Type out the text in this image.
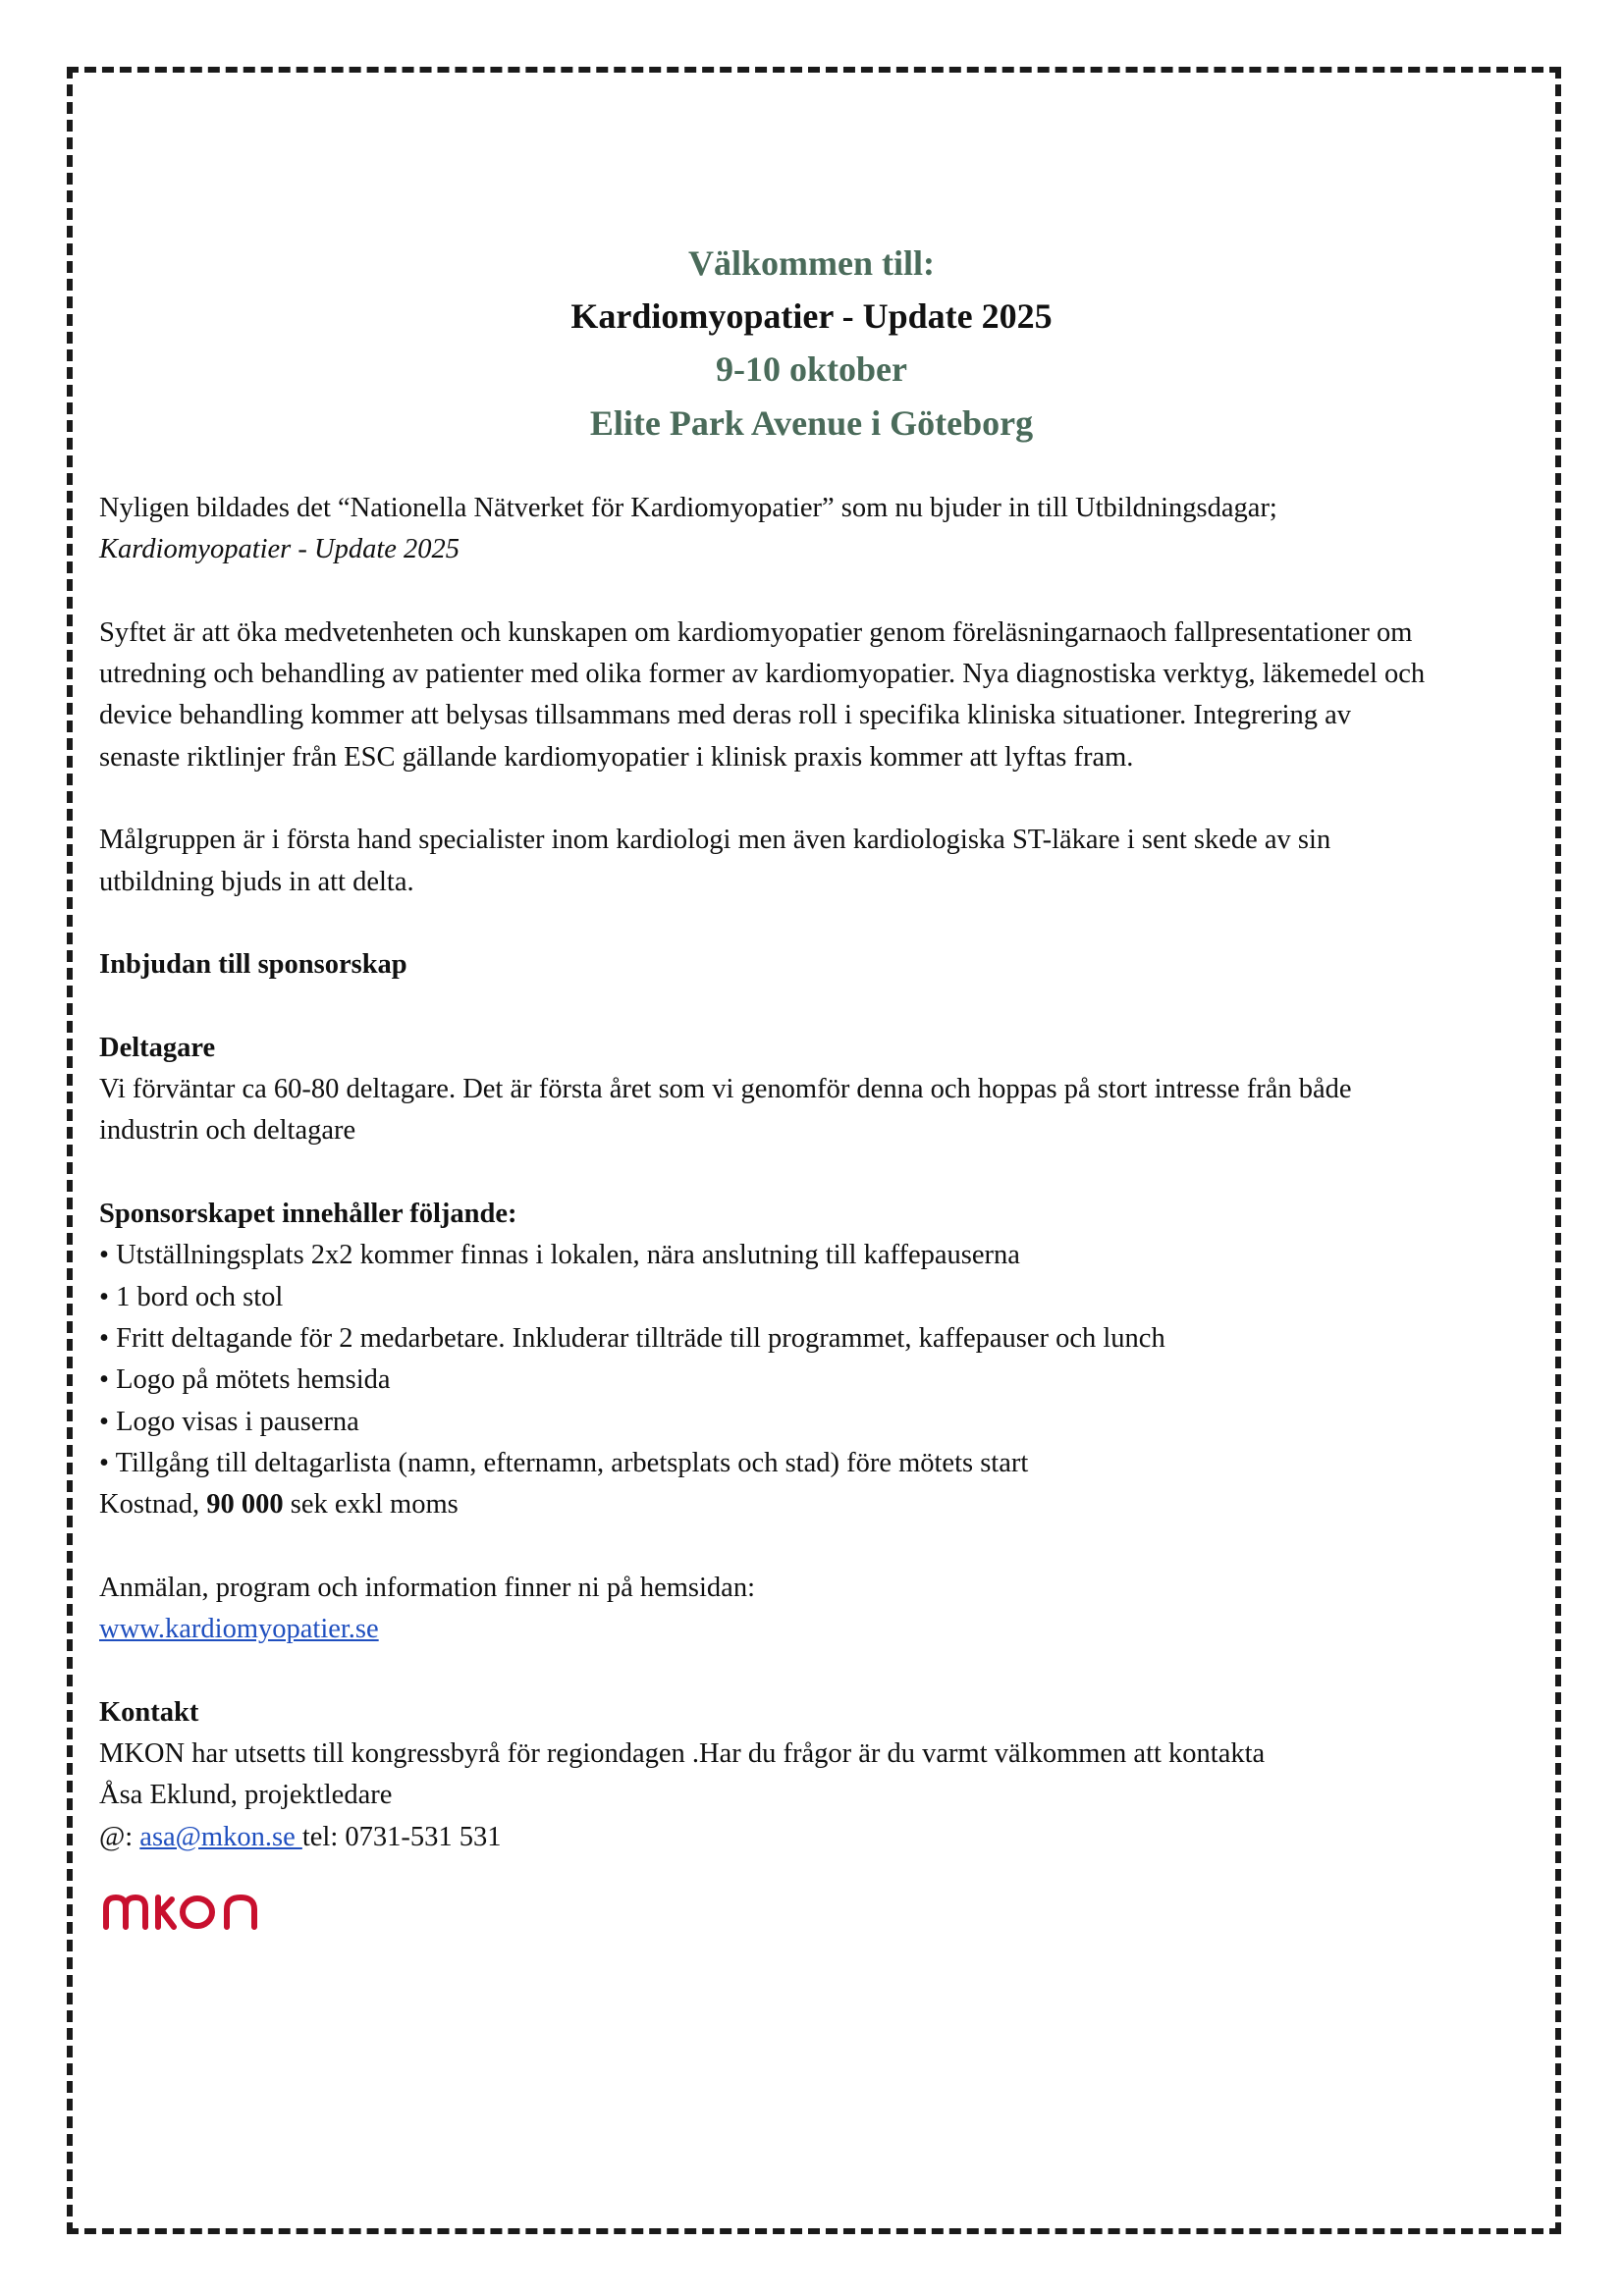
Välkommen till:
Kardiomyopatier - Update 2025
9-10 oktober
Elite Park Avenue i Göteborg

Nyligen bildades det “Nationella Nätverket för Kardiomyopatier” som nu bjuder in till Utbildningsdagar;

Kardiomyopatier - Update 2025

Syftet är att öka medvetenheten och kunskapen om kardiomyopatier genom föreläsningarnaoch fallpresentationer om

utredning och behandling av patienter med olika former av kardiomyopatier. Nya diagnostiska verktyg, läkemedel och

device behandling kommer att belysas tillsammans med deras roll i specifika kliniska situationer. Integrering av

senaste riktlinjer från ESC gällande kardiomyopatier i klinisk praxis kommer att lyftas fram.

Målgruppen är i första hand specialister inom kardiologi men även kardiologiska ST-läkare i sent skede av sin

utbildning bjuds in att delta.

Inbjudan till sponsorskap

Deltagare

Vi förväntar ca 60-80 deltagare. Det är första året som vi genomför denna och hoppas på stort intresse från både

industrin och deltagare

Sponsorskapet innehåller följande:

• Utställningsplats 2x2 kommer finnas i lokalen, nära anslutning till kaffepauserna

• 1 bord och stol

• Fritt deltagande för 2 medarbetare. Inkluderar tillträde till programmet, kaffepauser och lunch

• Logo på mötets hemsida

• Logo visas i pauserna

• Tillgång till deltagarlista (namn, efternamn, arbetsplats och stad) före mötets start

Kostnad, 90 000 sek exkl moms

Anmälan, program och information finner ni på hemsidan:

www.kardiomyopatier.se

Kontakt

MKON har utsetts till kongressbyrå för regiondagen .Har du frågor är du varmt välkommen att kontakta

Åsa Eklund, projektledare

@: asa@mkon.se tel: 0731-531 531
